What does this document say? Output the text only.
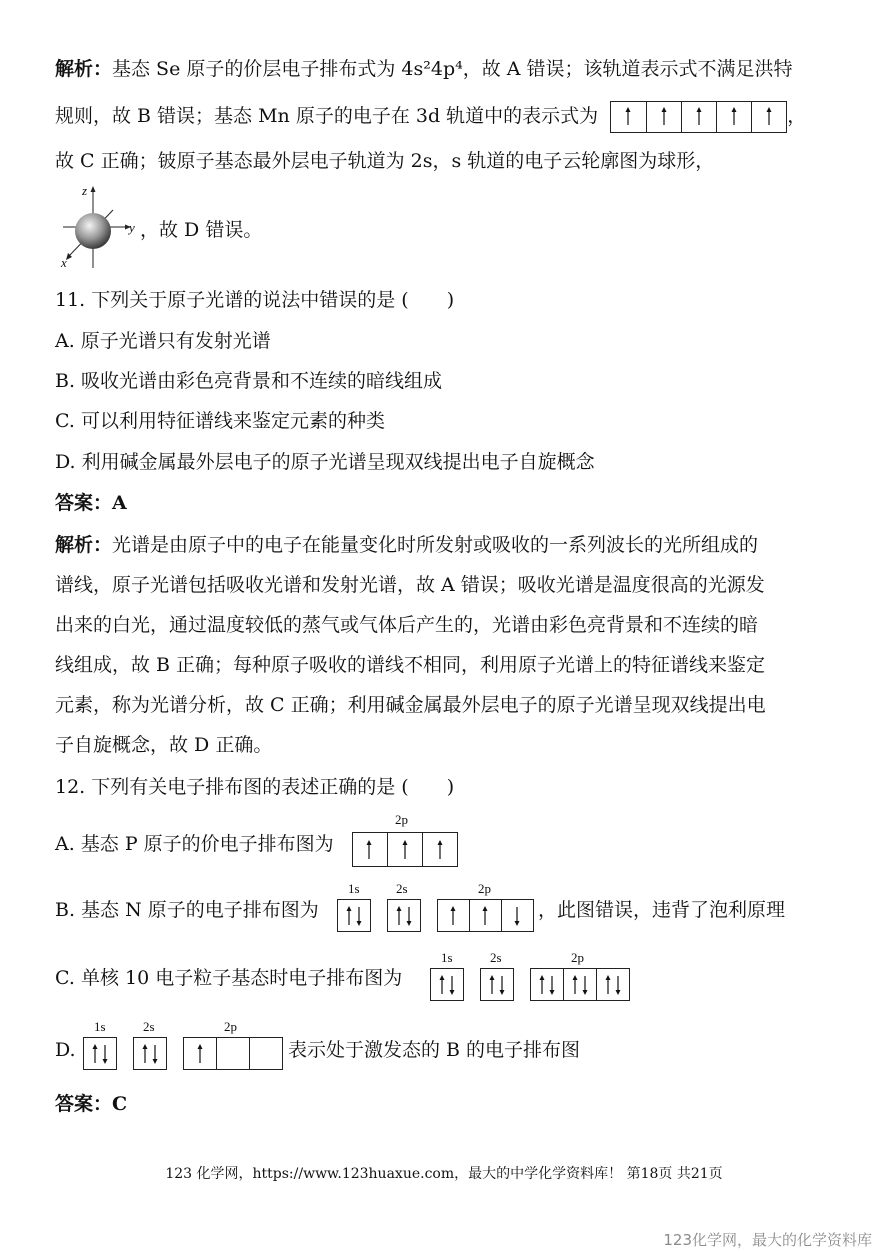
解析：基态 Se 原子的价层电子排布式为 4s²4p⁴，故 A 错误；该轨道表示式不满足洪特
规则，故 B 错误；基态 Mn 原子的电子在 3d 轨道中的表示式为	，
故 C 正确；铍原子基态最外层电子轨道为 2s，s 轨道的电子云轮廓图为球形，
z
y
x
，故 D 错误。
11. 下列关于原子光谱的说法中错误的是 (　　)
A. 原子光谱只有发射光谱
B. 吸收光谱由彩色亮背景和不连续的暗线组成
C. 可以利用特征谱线来鉴定元素的种类
D. 利用碱金属最外层电子的原子光谱呈现双线提出电子自旋概念
答案：A
解析：光谱是由原子中的电子在能量变化时所发射或吸收的一系列波长的光所组成的
谱线，原子光谱包括吸收光谱和发射光谱，故 A 错误；吸收光谱是温度很高的光源发
出来的白光，通过温度较低的蒸气或气体后产生的，光谱由彩色亮背景和不连续的暗
线组成，故 B 正确；每种原子吸收的谱线不相同，利用原子光谱上的特征谱线来鉴定
元素，称为光谱分析，故 C 正确；利用碱金属最外层电子的原子光谱呈现双线提出电
子自旋概念，故 D 正确。
12. 下列有关电子排布图的表述正确的是 (　　)
A. 基态 P 原子的价电子排布图为
2p
B. 基态 N 原子的电子排布图为
1s	2s	2p
，此图错误，违背了泡利原理
C. 单核 10 电子粒子基态时电子排布图为
1s	2s	2p
D.
1s	2s	2p
表示处于激发态的 B 的电子排布图
答案：C
123 化学网，https://www.123huaxue.com，最大的中学化学资料库！ 第18页 共21页
123化学网，最大的化学资料库
